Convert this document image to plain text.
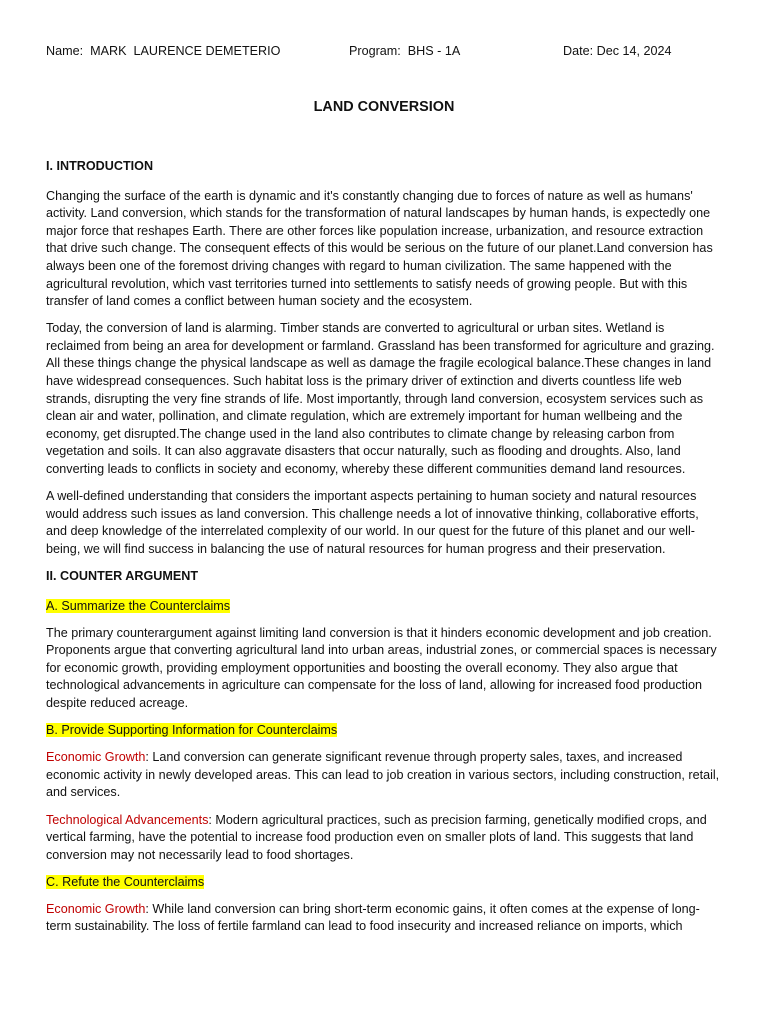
Name:  MARK  LAURENCE DEMETERIO	Program:  BHS - 1A	Date: Dec 14, 2024
LAND CONVERSION
I. INTRODUCTION

Changing the surface of the earth is dynamic and it's constantly changing due to forces of nature as well as humans' activity. Land conversion, which stands for the transformation of natural landscapes by human hands, is expectedly one major force that reshapes Earth. There are other forces like population increase, urbanization, and resource extraction that drive such change. The consequent effects of this would be serious on the future of our planet.Land conversion has always been one of the foremost driving changes with regard to human civilization. The same happened with the agricultural revolution, which vast territories turned into settlements to satisfy needs of growing people. But with this transfer of land comes a conflict between human society and the ecosystem.

Today, the conversion of land is alarming. Timber stands are converted to agricultural or urban sites. Wetland is reclaimed from being an area for development or farmland. Grassland has been transformed for agriculture and grazing. All these things change the physical landscape as well as damage the fragile ecological balance.These changes in land have widespread consequences. Such habitat loss is the primary driver of extinction and diverts countless life web strands, disrupting the very fine strands of life. Most importantly, through land conversion, ecosystem services such as clean air and water, pollination, and climate regulation, which are extremely important for human wellbeing and the economy, get disrupted.The change used in the land also contributes to climate change by releasing carbon from vegetation and soils. It can also aggravate disasters that occur naturally, such as flooding and droughts. Also, land converting leads to conflicts in society and economy, whereby these different communities demand land resources.

A well-defined understanding that considers the important aspects pertaining to human society and natural resources would address such issues as land conversion. This challenge needs a lot of innovative thinking, collaborative efforts, and deep knowledge of the interrelated complexity of our world. In our quest for the future of this planet and our well-being, we will find success in balancing the use of natural resources for human progress and their preservation.

II. COUNTER ARGUMENT

A. Summarize the Counterclaims

The primary counterargument against limiting land conversion is that it hinders economic development and job creation. Proponents argue that converting agricultural land into urban areas, industrial zones, or commercial spaces is necessary for economic growth, providing employment opportunities and boosting the overall economy. They also argue that technological advancements in agriculture can compensate for the loss of land, allowing for increased food production despite reduced acreage.

B. Provide Supporting Information for Counterclaims

Economic Growth: Land conversion can generate significant revenue through property sales, taxes, and increased economic activity in newly developed areas. This can lead to job creation in various sectors, including construction, retail, and services.

Technological Advancements: Modern agricultural practices, such as precision farming, genetically modified crops, and vertical farming, have the potential to increase food production even on smaller plots of land. This suggests that land conversion may not necessarily lead to food shortages.

C. Refute the Counterclaims

Economic Growth: While land conversion can bring short-term economic gains, it often comes at the expense of long-term sustainability. The loss of fertile farmland can lead to food insecurity and increased reliance on imports, which
